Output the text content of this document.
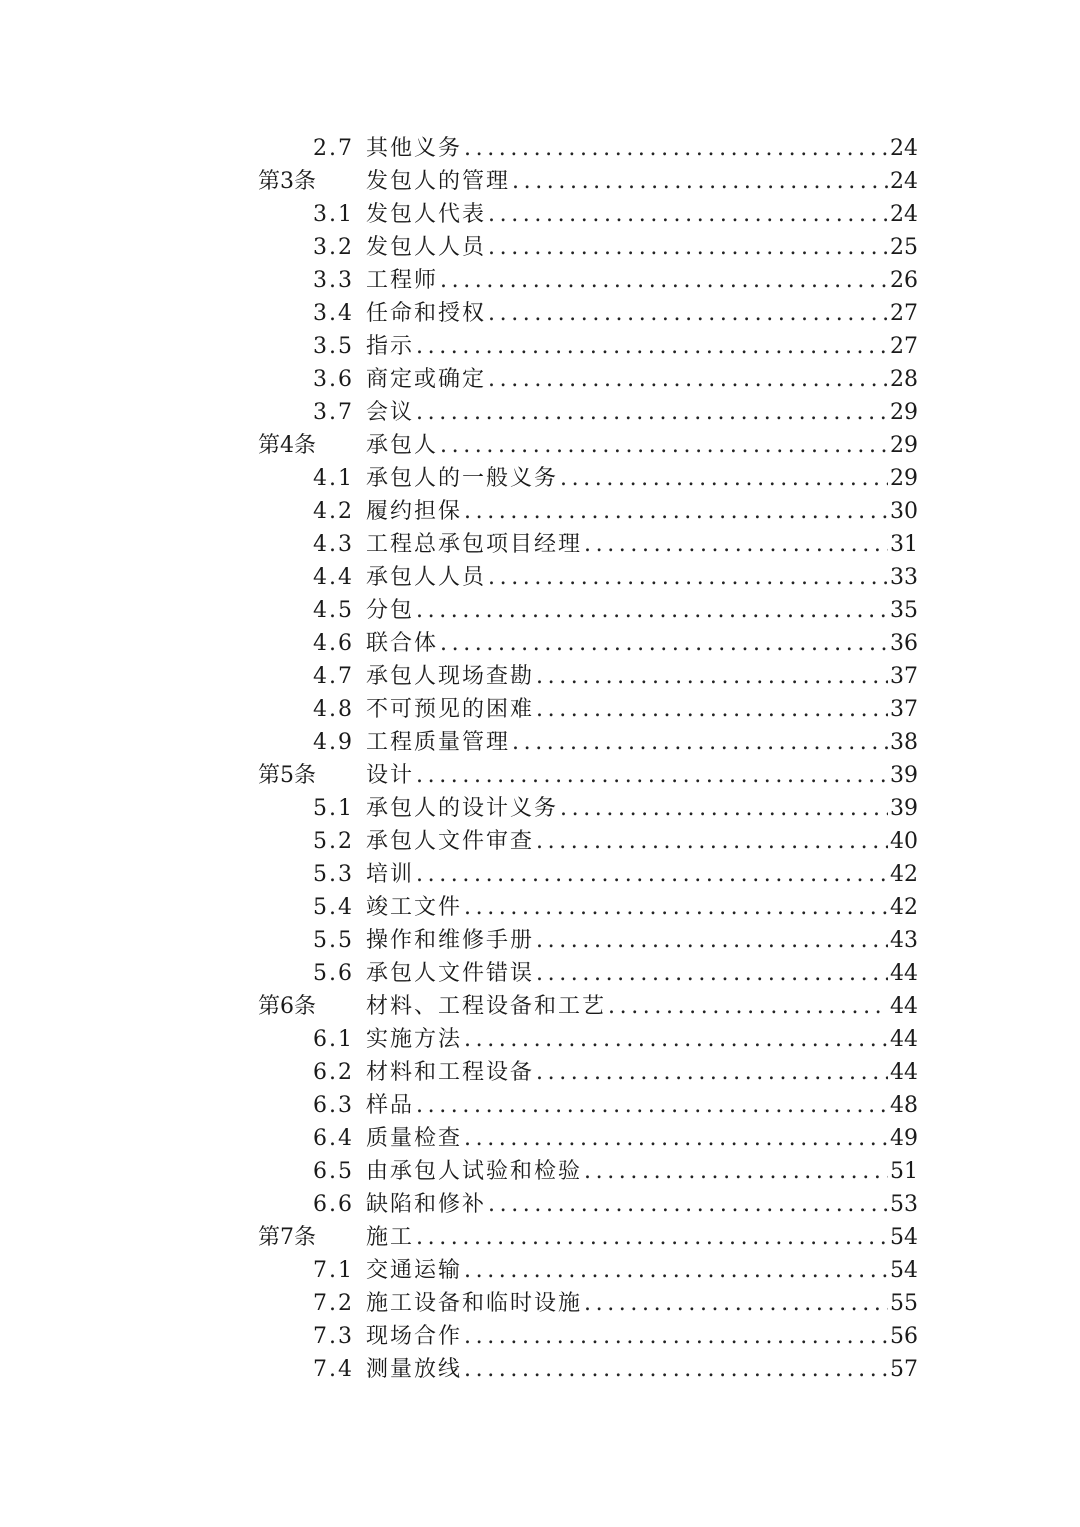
2.7 其他义务 .....	24
第3条	发包人的管理 .....	24
3.1 发包人代表 .....	24
3.2 发包人人员 .....	25
3.3 工程师 .....	26
3.4 任命和授权 .....	27
3.5 指示 .....	27
3.6 商定或确定 .....	28
3.7 会议 .....	29
第4条	承包人 .....	29
4.1 承包人的一般义务 .....	29
4.2 履约担保 .....	30
4.3 工程总承包项目经理 .....	31
4.4 承包人人员 .....	33
4.5 分包 .....	35
4.6 联合体 .....	36
4.7 承包人现场查勘 .....	37
4.8 不可预见的困难 .....	37
4.9 工程质量管理 .....	38
第5条	设计 .....	39
5.1 承包人的设计义务 .....	39
5.2 承包人文件审查 .....	40
5.3 培训 .....	42
5.4 竣工文件 .....	42
5.5 操作和维修手册 .....	43
5.6 承包人文件错误 .....	44
第6条	材料、工程设备和工艺 .....	44
6.1 实施方法 .....	44
6.2 材料和工程设备 .....	44
6.3 样品 .....	48
6.4 质量检查 .....	49
6.5 由承包人试验和检验 .....	51
6.6 缺陷和修补 .....	53
第7条	施工 .....	54
7.1 交通运输 .....	54
7.2 施工设备和临时设施 .....	55
7.3 现场合作 .....	56
7.4 测量放线 .....	57
